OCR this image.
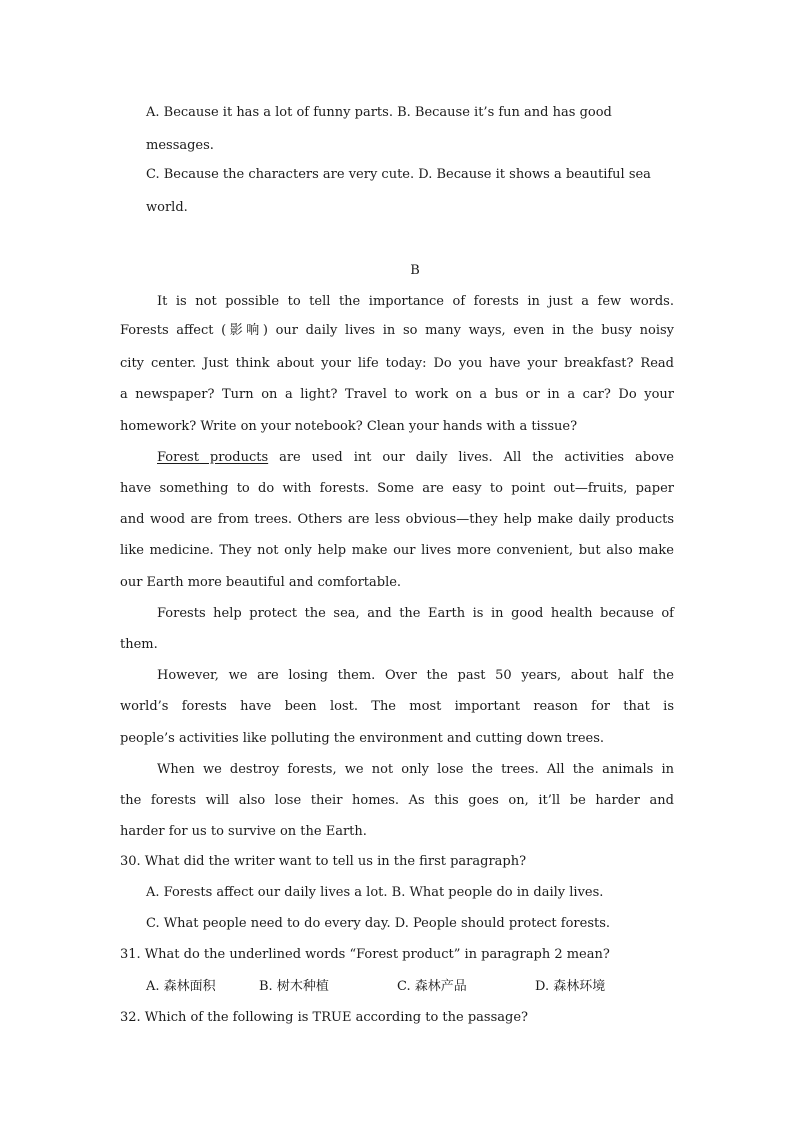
A. Because it has a lot of funny parts. B. Because it’s fun and has good
messages.
C. Because the characters are very cute. D. Because it shows a beautiful sea
world.
B
It is not possible to tell the importance of forests in just a few words.
Forests affect (影响) our daily lives in so many ways, even in the busy noisy
city center. Just think about your life today: Do you have your breakfast? Read
a newspaper? Turn on a light? Travel to work on a bus or in a car? Do your
homework? Write on your notebook? Clean your hands with a tissue?
Forest products are used int our daily lives. All the activities above
have something to do with forests. Some are easy to point out—fruits, paper
and wood are from trees. Others are less obvious—they help make daily products
like medicine. They not only help make our lives more convenient, but also make
our Earth more beautiful and comfortable.
Forests help protect the sea, and the Earth is in good health because of
them.
However, we are losing them. Over the past 50 years, about half the
world’s forests have been lost. The most important reason for that is
people’s activities like polluting the environment and cutting down trees.
When we destroy forests, we not only lose the trees. All the animals in
the forests will also lose their homes. As this goes on, it’ll be harder and
harder for us to survive on the Earth.
30. What did the writer want to tell us in the first paragraph?
A. Forests affect our daily lives a lot. B. What people do in daily lives.
C. What people need to do every day. D. People should protect forests.
31. What do the underlined words “Forest product” in paragraph 2 mean?
A. 森林面积	B. 树木种植	C. 森林产品	D. 森林环境
32. Which of the following is TRUE according to the passage?
